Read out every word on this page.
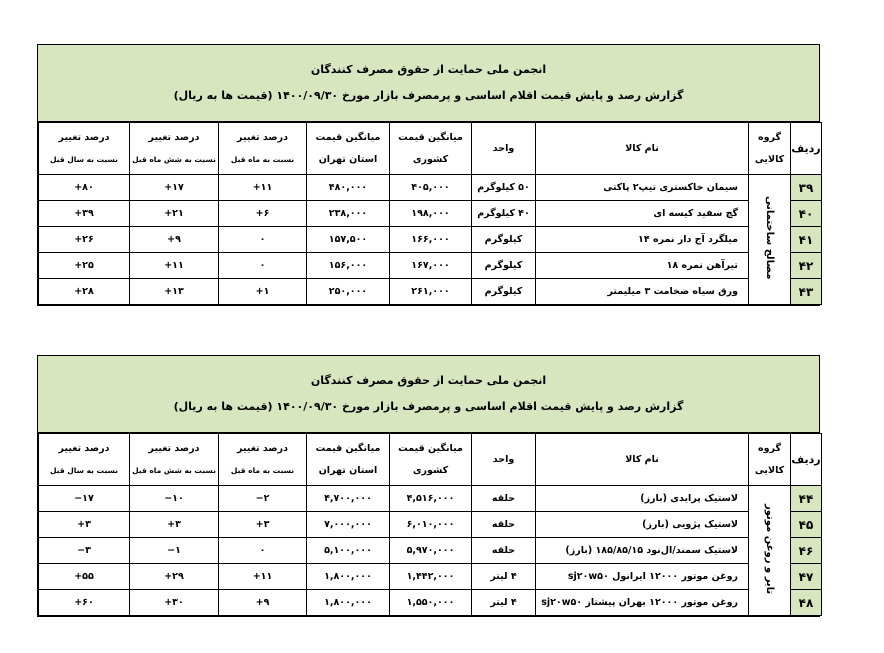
انجمن ملی حمایت از حقوق مصرف کنندگان
گزارش رصد و پایش قیمت اقلام اساسی و پرمصرف بازار مورخ ۱۴۰۰/۰۹/۳۰ (قیمت ها به ریال)
ردیف	گروه کالایی	نام کالا	واحد	میانگین قیمت کشوری	میانگین قیمت استان تهران	درصد تغییر
نسبت به ماه قبل	درصد تغییر
نسبت به شش ماه قبل	درصد تغییر
نسبت به سال قبل
۳۹	مصالح ساختمانی	سیمان خاکستری تیپ۲ پاکتی	۵۰ کیلوگرم	۴۰۵,۰۰۰	۴۸۰,۰۰۰	+۱۱	+۱۷	+۸۰
۴۰		گچ سفید کیسه ای	۴۰ کیلوگرم	۱۹۸,۰۰۰	۲۳۸,۰۰۰	+۶	+۲۱	+۳۹
۴۱		میلگرد آج دار نمره ۱۴	کیلوگرم	۱۶۶,۰۰۰	۱۵۷,۵۰۰	۰	+۹	+۲۶
۴۲		تیرآهن نمره ۱۸	کیلوگرم	۱۶۷,۰۰۰	۱۵۶,۰۰۰	۰	+۱۱	+۲۵
۴۳		ورق سیاه ضخامت ۳ میلیمتر	کیلوگرم	۲۶۱,۰۰۰	۲۵۰,۰۰۰	+۱	+۱۳	+۲۸
انجمن ملی حمایت از حقوق مصرف کنندگان
گزارش رصد و پایش قیمت اقلام اساسی و پرمصرف بازار مورخ ۱۴۰۰/۰۹/۳۰ (قیمت ها به ریال)
ردیف	گروه کالایی	نام کالا	واحد	میانگین قیمت کشوری	میانگین قیمت استان تهران	درصد تغییر
نسبت به ماه قبل	درصد تغییر
نسبت به شش ماه قبل	درصد تغییر
نسبت به سال قبل
۴۴	تایر و روغن موتور	لاستیک پرایدی (بارز)	حلقه	۴,۵۱۶,۰۰۰	۴,۷۰۰,۰۰۰	−۲	−۱۰	−۱۷
۴۵		لاستیک پژویی (بارز)	حلقه	۶,۰۱۰,۰۰۰	۷,۰۰۰,۰۰۰	+۳	+۳	+۳
۴۶		لاستیک سمند/ال‌نود ۱۸۵/۸۵/۱۵ (بارز)	حلقه	۵,۹۷۰,۰۰۰	۵,۱۰۰,۰۰۰	۰	−۱	−۳
۴۷		روغن موتور ۱۲۰۰۰ ایرانول sj۲۰w۵۰	۴ لیتر	۱,۴۴۲,۰۰۰	۱,۸۰۰,۰۰۰	+۱۱	+۲۹	+۵۵
۴۸		روغن موتور ۱۲۰۰۰ بهران پیشتاز sj۲۰w۵۰	۴ لیتر	۱,۵۵۰,۰۰۰	۱,۸۰۰,۰۰۰	+۹	+۳۰	+۶۰
